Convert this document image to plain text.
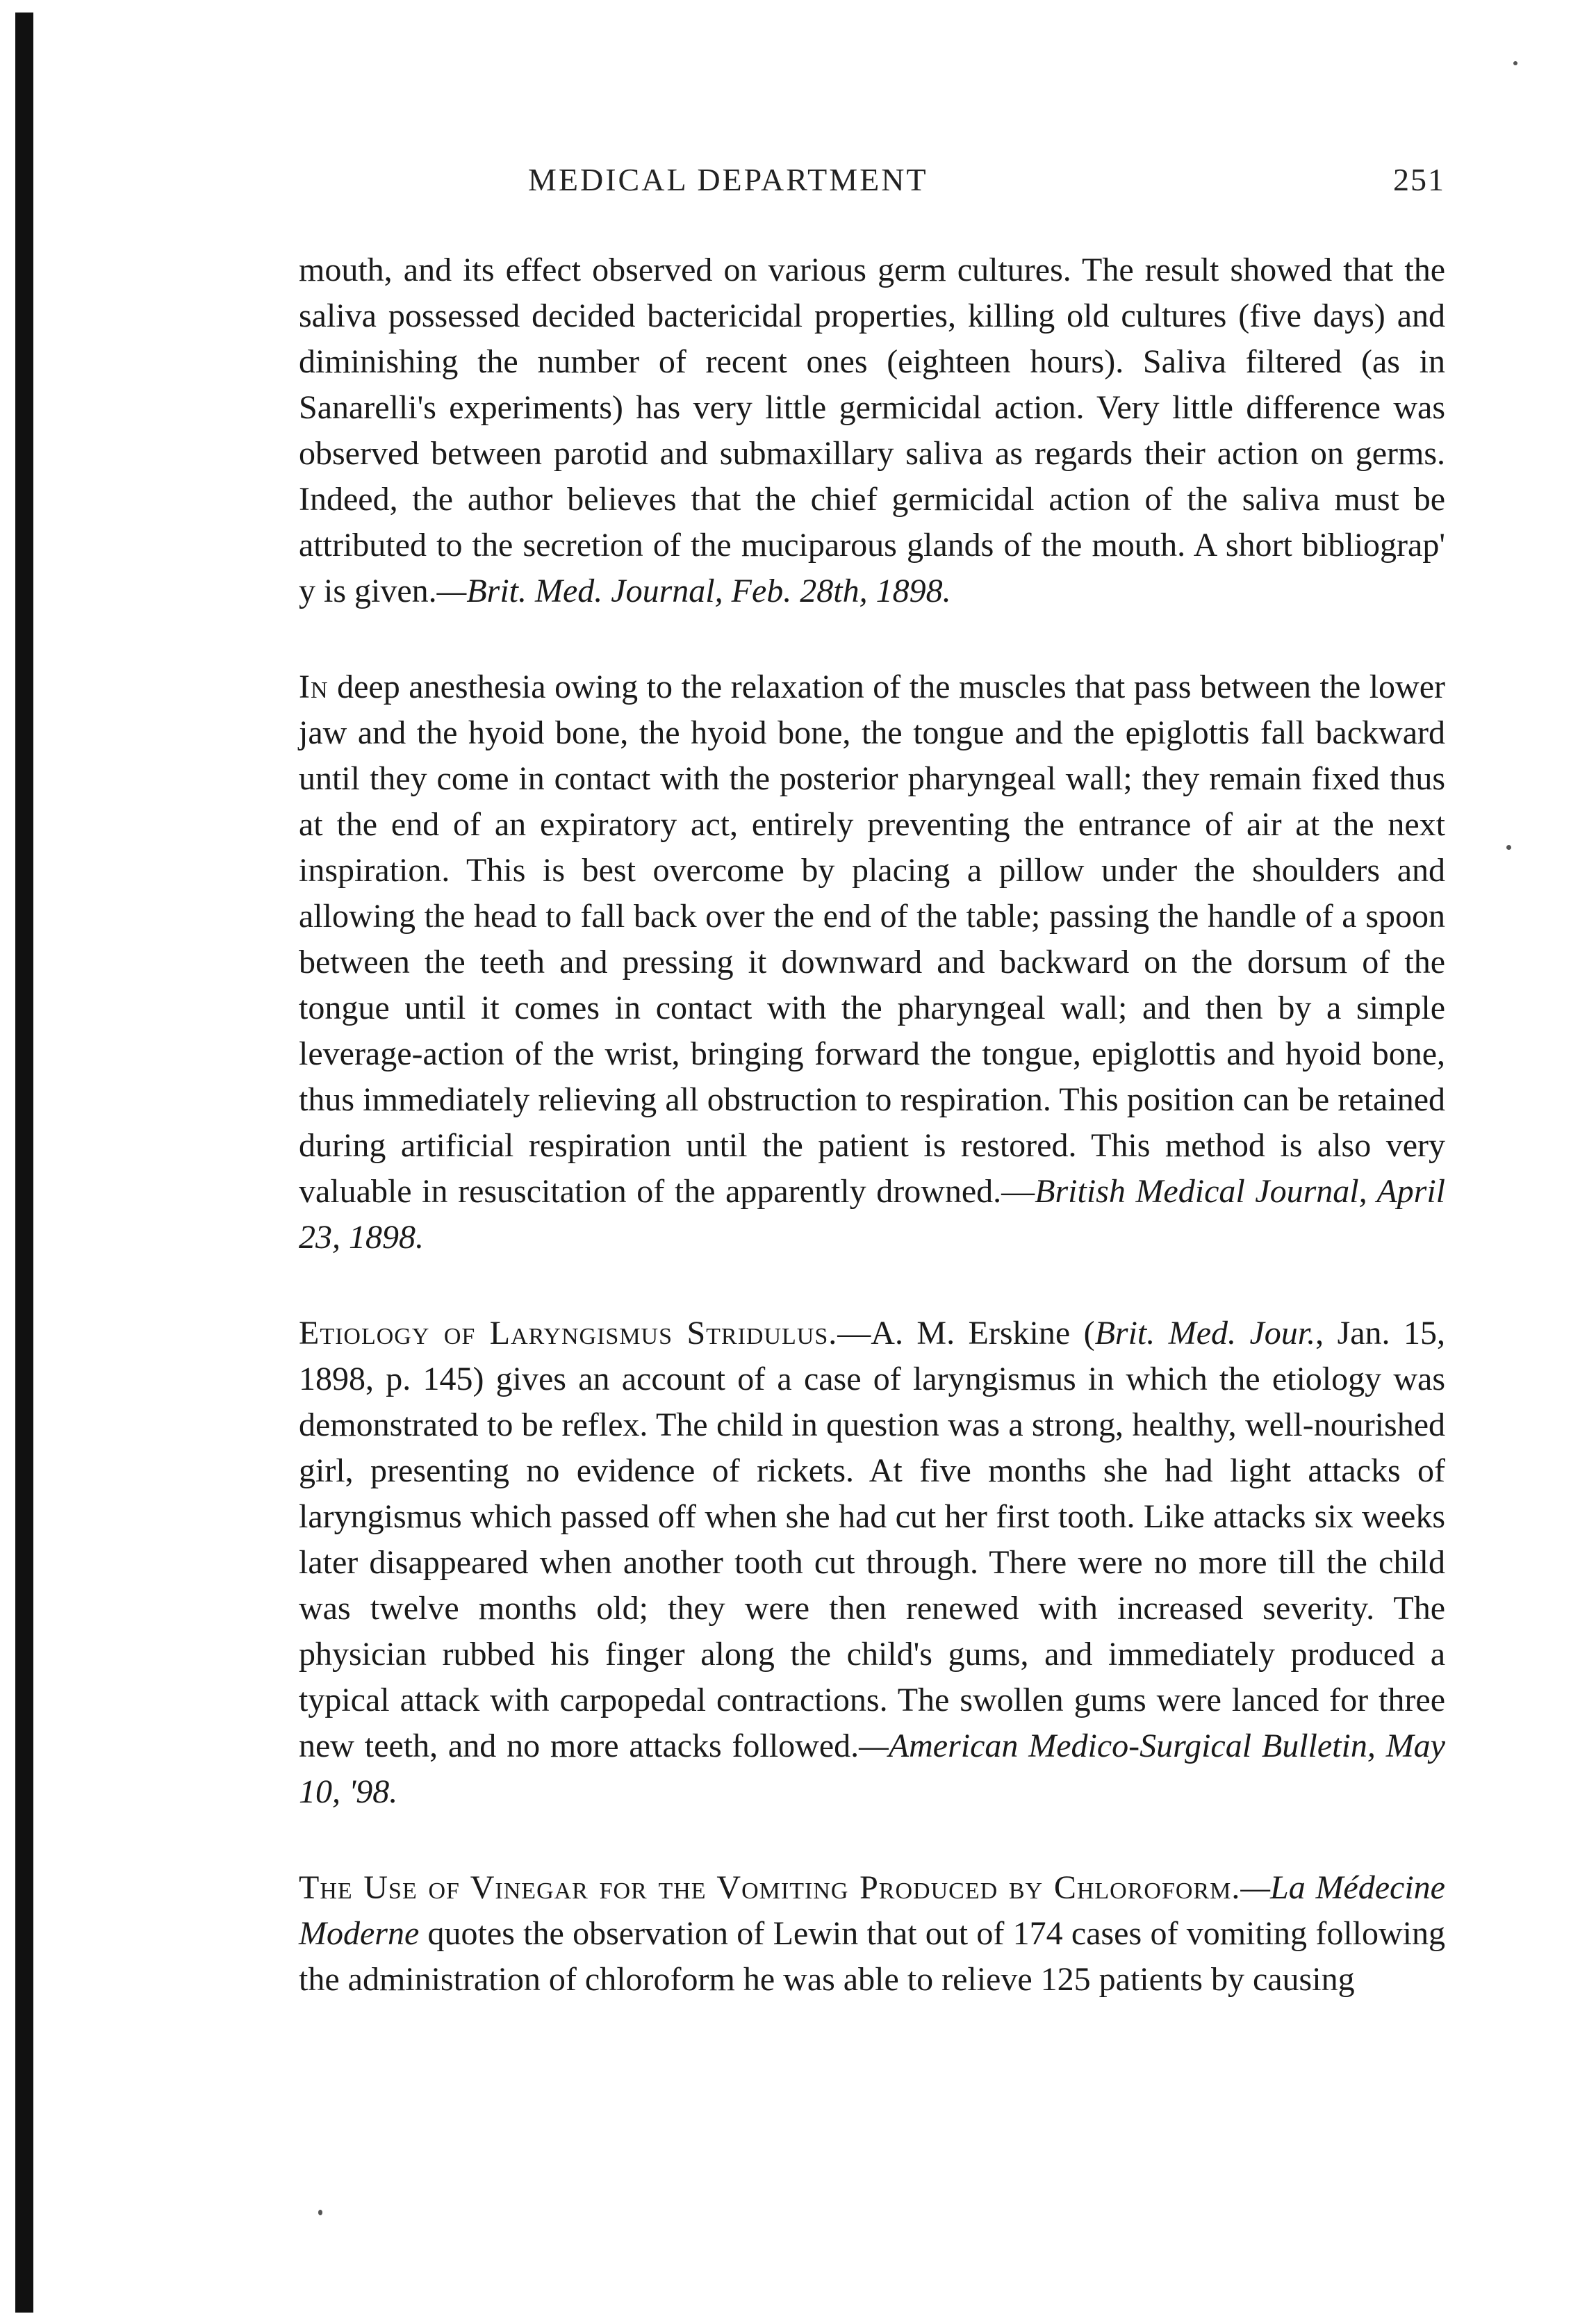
MEDICAL DEPARTMENT	251

mouth, and its effect observed on various germ cultures. The result showed that the saliva possessed decided bactericidal properties, killing old cultures (five days) and diminishing the number of recent ones (eighteen hours). Saliva filtered (as in Sanarelli's experiments) has very little germicidal action. Very little difference was observed between parotid and submaxillary saliva as regards their action on germs. Indeed, the author believes that the chief germicidal action of the saliva must be attributed to the secretion of the muciparous glands of the mouth. A short bibliograp' y is given.—Brit. Med. Journal, Feb. 28th, 1898.

In deep anesthesia owing to the relaxation of the muscles that pass between the lower jaw and the hyoid bone, the hyoid bone, the tongue and the epiglottis fall backward until they come in contact with the posterior pharyngeal wall; they remain fixed thus at the end of an expiratory act, entirely preventing the entrance of air at the next inspiration. This is best overcome by placing a pillow under the shoulders and allowing the head to fall back over the end of the table; passing the handle of a spoon between the teeth and pressing it downward and backward on the dorsum of the tongue until it comes in contact with the pharyngeal wall; and then by a simple leverage-action of the wrist, bringing forward the tongue, epiglottis and hyoid bone, thus immediately relieving all obstruction to respiration. This position can be retained during artificial respiration until the patient is restored. This method is also very valuable in resuscitation of the apparently drowned.—British Medical Journal, April 23, 1898.

Etiology of Laryngismus Stridulus.—A. M. Erskine (Brit. Med. Jour., Jan. 15, 1898, p. 145) gives an account of a case of laryngismus in which the etiology was demonstrated to be reflex. The child in question was a strong, healthy, well-nourished girl, presenting no evidence of rickets. At five months she had light attacks of laryngismus which passed off when she had cut her first tooth. Like attacks six weeks later disappeared when another tooth cut through. There were no more till the child was twelve months old; they were then renewed with increased severity. The physician rubbed his finger along the child's gums, and immediately produced a typical attack with carpopedal contractions. The swollen gums were lanced for three new teeth, and no more attacks followed.—American Medico-Surgical Bulletin, May 10, '98.

The Use of Vinegar for the Vomiting Produced by Chloroform.—La Médecine Moderne quotes the observation of Lewin that out of 174 cases of vomiting following the administration of chloroform he was able to relieve 125 patients by causing
